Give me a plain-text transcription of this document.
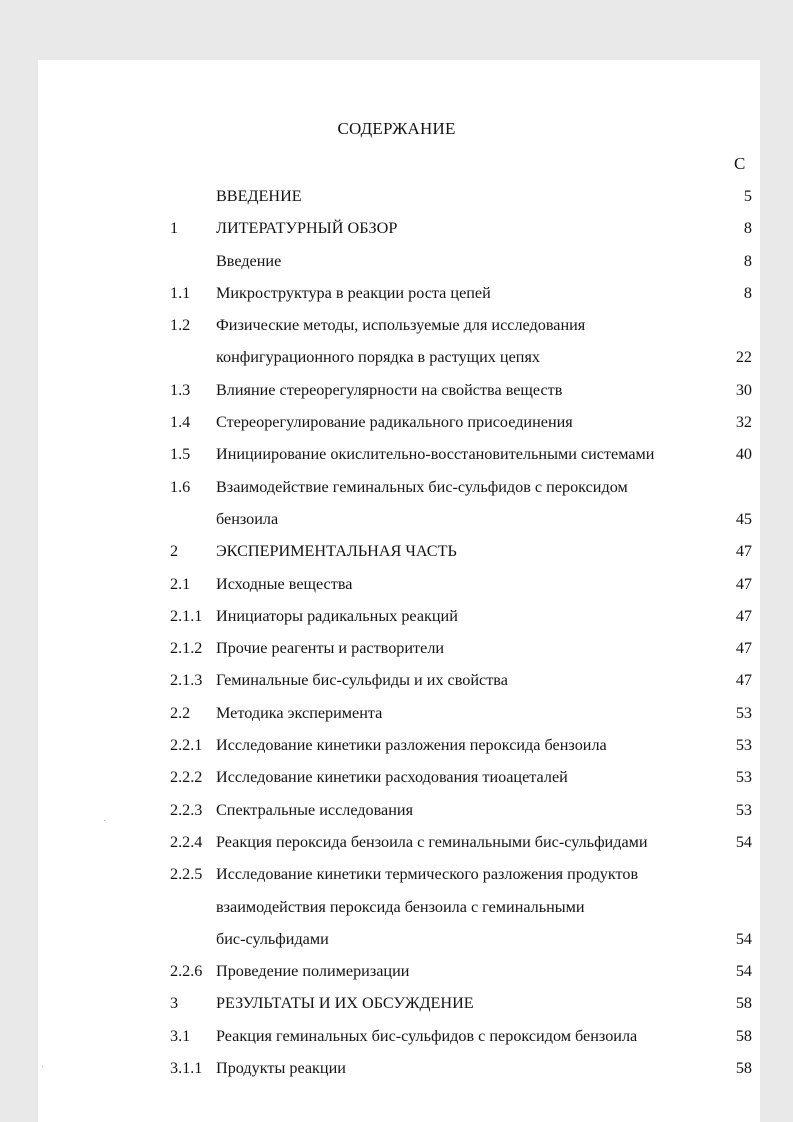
СОДЕРЖАНИЕ
С
ВВЕДЕНИЕ	5
1 ЛИТЕРАТУРНЫЙ ОБЗОР	8
Введение	8
1.1 Микроструктура в реакции роста цепей	8
1.2 Физические методы, используемые для исследования
конфигурационного порядка в растущих цепях	22
1.3 Влияние стереорегулярности на свойства веществ	30
1.4 Стереорегулирование радикального присоединения	32
1.5 Инициирование окислительно-восстановительными системами	40
1.6 Взаимодействие геминальных бис-сульфидов с пероксидом
бензоила	45
2 ЭКСПЕРИМЕНТАЛЬНАЯ ЧАСТЬ	47
2.1 Исходные вещества	47
2.1.1 Инициаторы радикальных реакций	47
2.1.2 Прочие реагенты и растворители	47
2.1.3 Геминальные бис-сульфиды и их свойства	47
2.2 Методика эксперимента	53
2.2.1 Исследование кинетики разложения пероксида бензоила	53
2.2.2 Исследование кинетики расходования тиоацеталей	53
2.2.3 Спектральные исследования	53
2.2.4 Реакция пероксида бензоила с геминальными бис-сульфидами	54
2.2.5 Исследование кинетики термического разложения продуктов
взаимодействия пероксида бензоила с геминальными
бис-сульфидами	54
2.2.6 Проведение полимеризации	54
3 РЕЗУЛЬТАТЫ И ИХ ОБСУЖДЕНИЕ	58
3.1 Реакция геминальных бис-сульфидов с пероксидом бензоила	58
3.1.1 Продукты реакции	58
·
ˌ
